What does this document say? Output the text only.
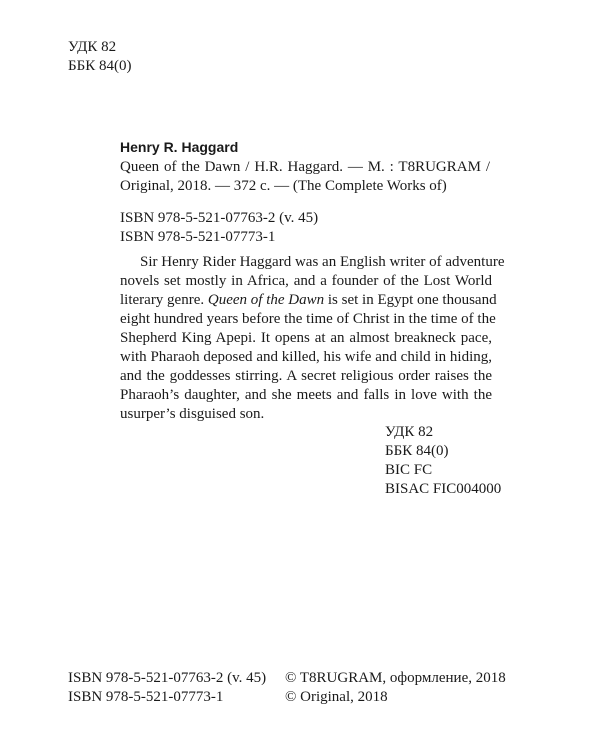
УДК 82
ББК 84(0)
Henry R. Haggard
Queen of the Dawn / H.R. Haggard. — M. : T8RUGRAM /
Original, 2018. — 372 c. — (The Complete Works of)
ISBN 978-5-521-07763-2 (v. 45)
ISBN 978-5-521-07773-1
Sir Henry Rider Haggard was an English writer of adventure
novels set mostly in Africa, and a founder of the Lost World
literary genre. Queen of the Dawn is set in Egypt one thousand
eight hundred years before the time of Christ in the time of the
Shepherd King Apepi. It opens at an almost breakneck pace,
with Pharaoh deposed and killed, his wife and child in hiding,
and the goddesses stirring. A secret religious order raises the
Pharaoh’s daughter, and she meets and falls in love with the
usurper’s disguised son.
УДК 82
ББК 84(0)
BIC FC
BISAC FIC004000
ISBN 978-5-521-07763-2 (v. 45)
ISBN 978-5-521-07773-1
© T8RUGRAM, оформление, 2018
© Original, 2018
